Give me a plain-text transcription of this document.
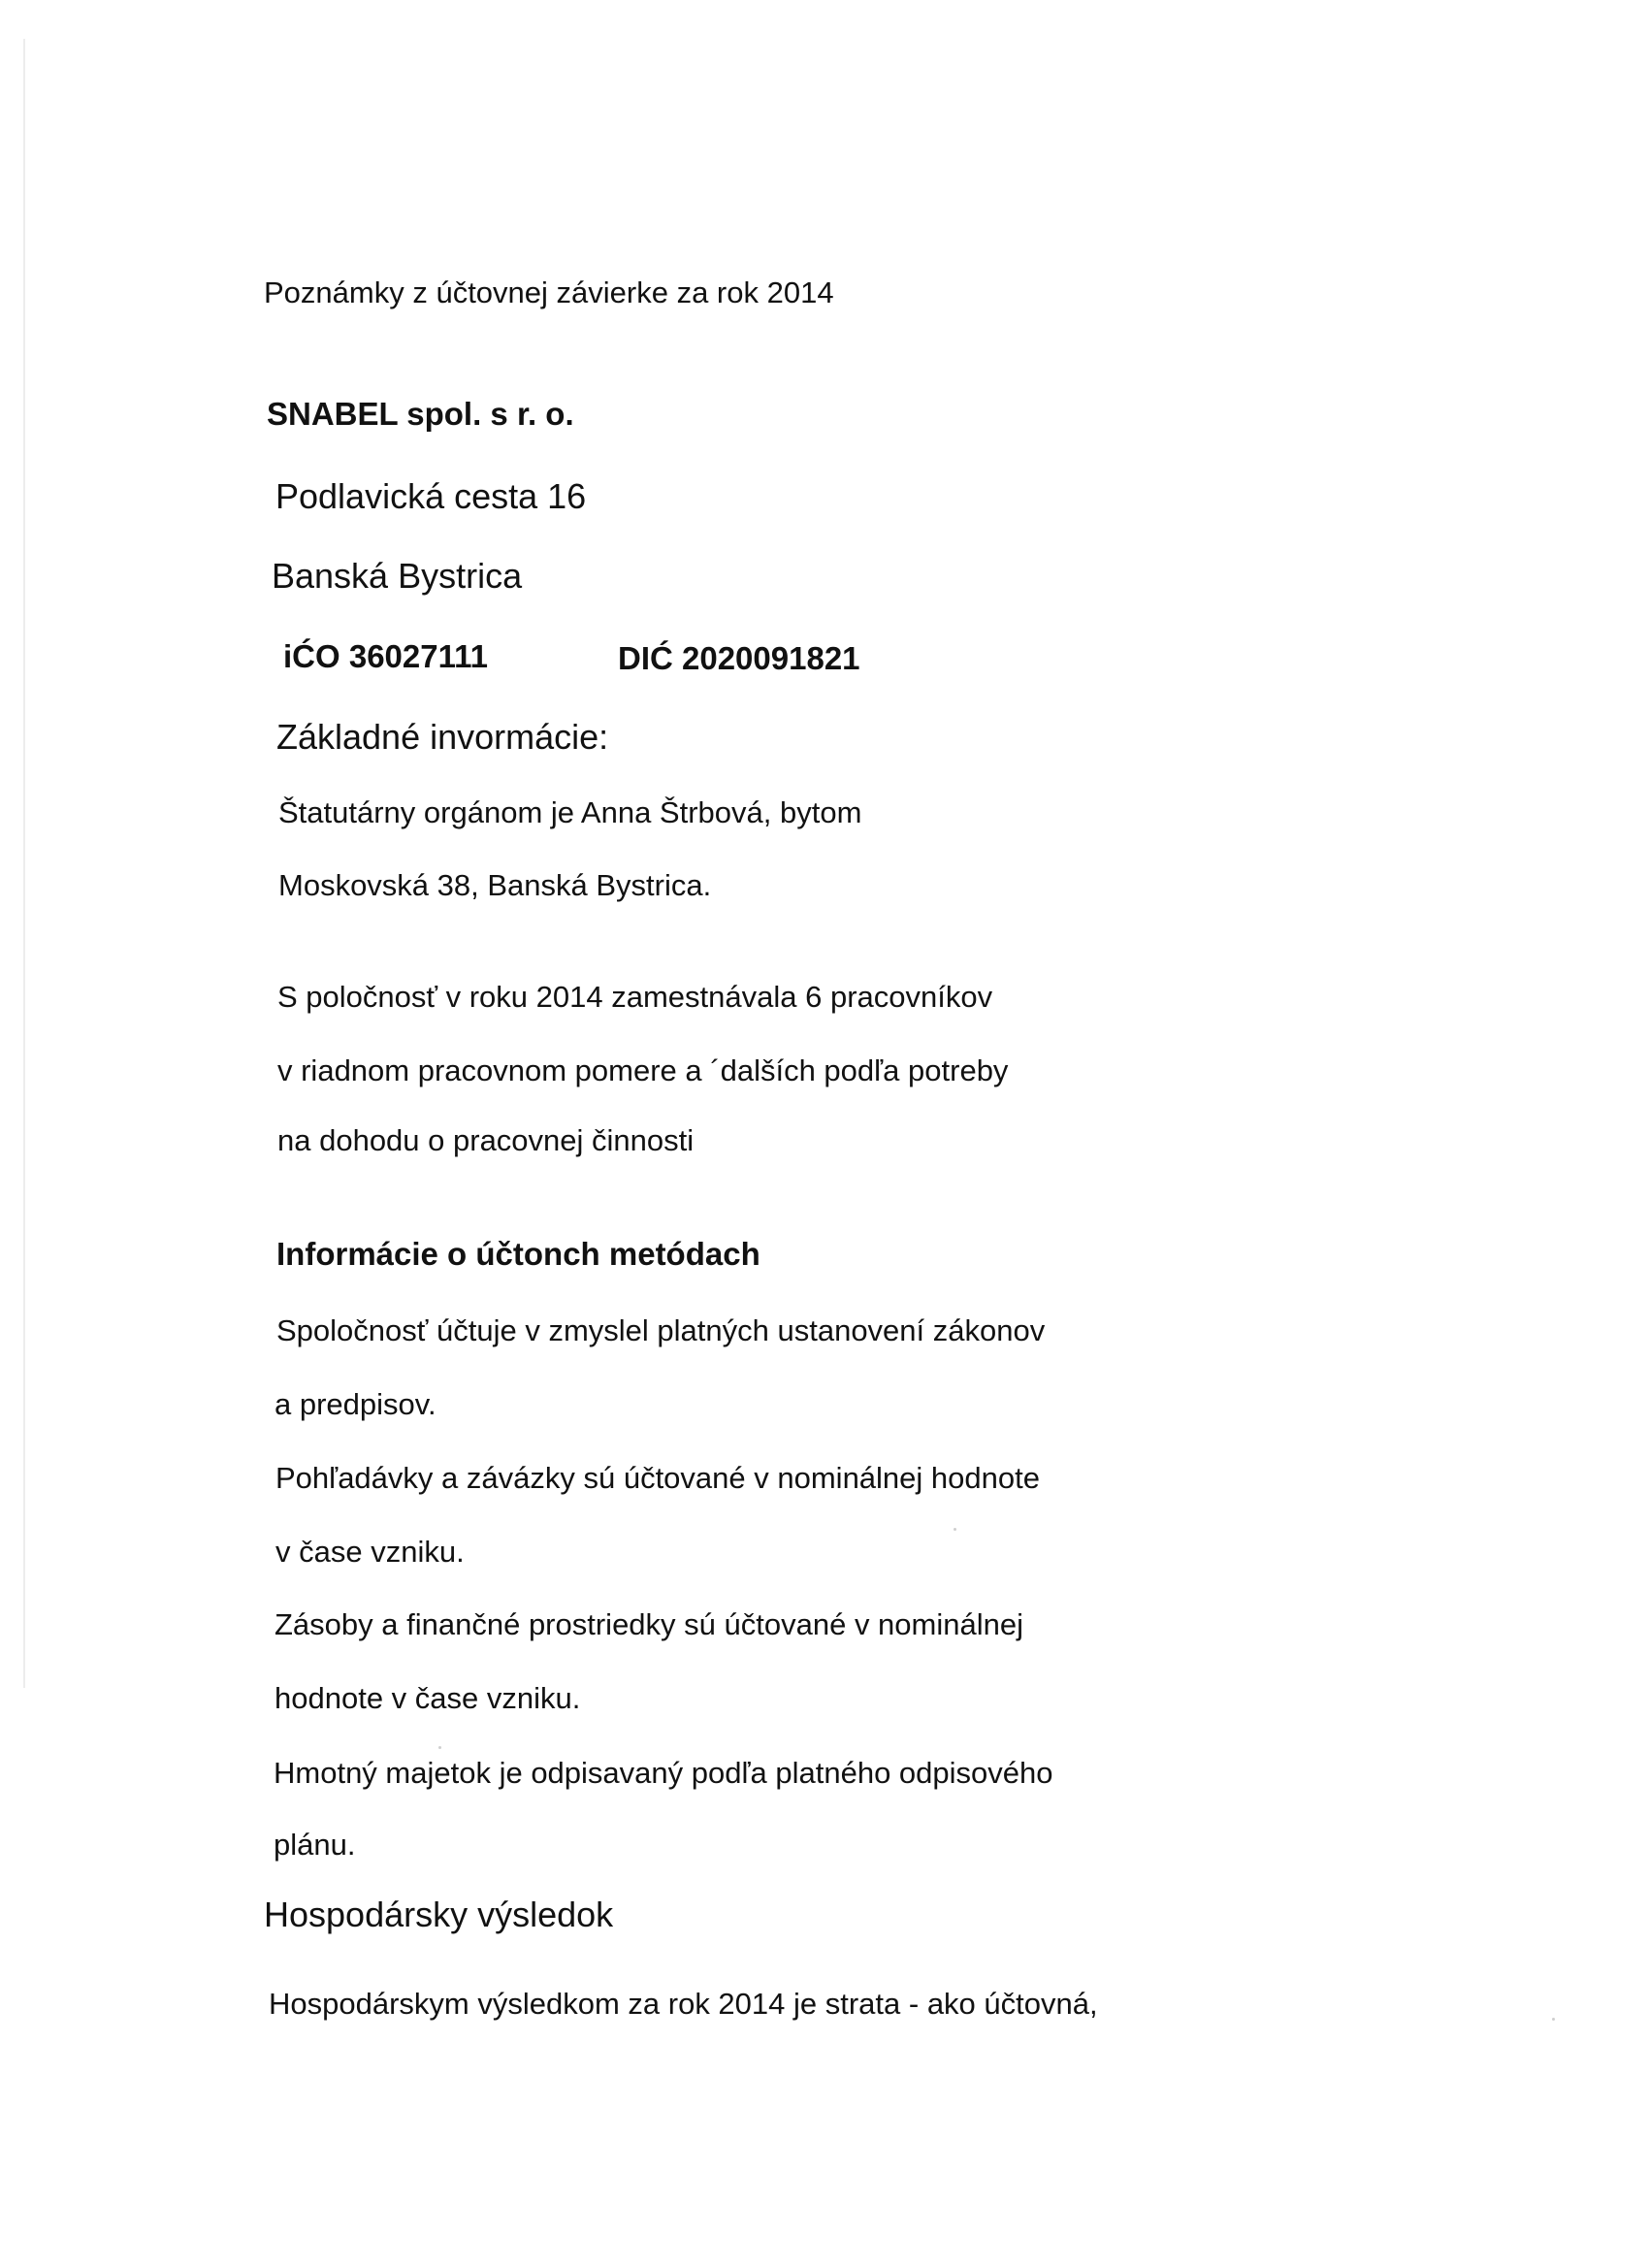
Poznámky z účtovnej závierke za rok 2014
SNABEL spol. s r. o.
Podlavická cesta 16
Banská Bystrica
iĆO 36027111	DIĆ 2020091821
Základné invormácie:
Štatutárny orgánom je Anna Štrbová, bytom
Moskovská 38, Banská Bystrica.
S poločnosť v roku 2014 zamestnávala 6 pracovníkov
v riadnom pracovnom pomere a ´dalších podľa potreby
na dohodu o pracovnej činnosti
Informácie o účtonch metódach
Spoločnosť účtuje v zmyslel platných ustanovení zákonov
a predpisov.
Pohľadávky a závázky sú účtované v nominálnej hodnote
v čase vzniku.
Zásoby a finančné prostriedky sú účtované v nominálnej
hodnote v čase vzniku.
Hmotný majetok je odpisavaný podľa platného odpisového
plánu.
Hospodársky výsledok
Hospodárskym výsledkom za rok 2014 je strata - ako účtovná,
